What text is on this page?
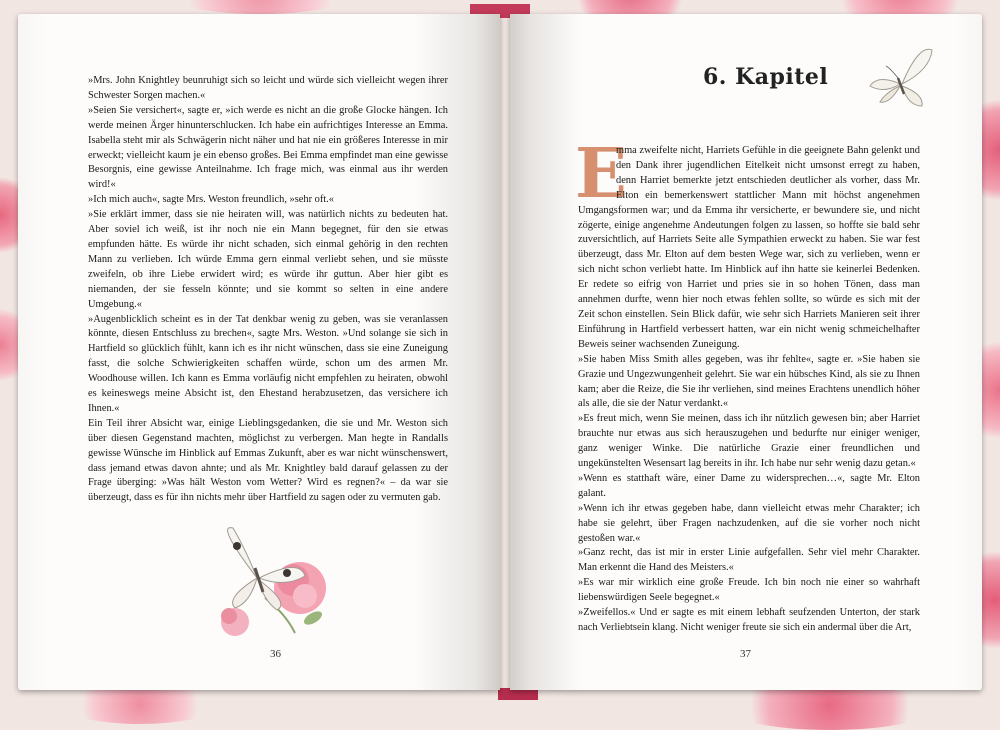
»Mrs. John Knightley beunruhigt sich so leicht und würde sich vielleicht wegen ihrer Schwester Sorgen machen.«

»Seien Sie versichert«, sagte er, »ich werde es nicht an die große Glocke hängen. Ich werde meinen Ärger hinunterschlucken. Ich habe ein aufrichtiges Interesse an Emma. Isabella steht mir als Schwägerin nicht näher und hat nie ein größeres Interesse in mir erweckt; vielleicht kaum je ein ebenso großes. Bei Emma empfindet man eine gewisse Besorgnis, eine gewisse Anteilnahme. Ich frage mich, was einmal aus ihr werden wird!«

»Ich mich auch«, sagte Mrs. Weston freundlich, »sehr oft.«

»Sie erklärt immer, dass sie nie heiraten will, was natürlich nichts zu bedeuten hat. Aber soviel ich weiß, ist ihr noch nie ein Mann begegnet, für den sie etwas empfunden hätte. Es würde ihr nicht schaden, sich einmal gehörig in den rechten Mann zu verlieben. Ich würde Emma gern einmal verliebt sehen, und sie müsste zweifeln, ob ihre Liebe erwidert wird; es würde ihr guttun. Aber hier gibt es niemanden, der sie fesseln könnte; und sie kommt so selten in eine andere Umgebung.«

»Augenblicklich scheint es in der Tat denkbar wenig zu geben, was sie veranlassen könnte, diesen Entschluss zu brechen«, sagte Mrs. Weston. »Und solange sie sich in Hartfield so glücklich fühlt, kann ich es ihr nicht wünschen, dass sie eine Zuneigung fasst, die solche Schwierigkeiten schaffen würde, schon um des armen Mr. Woodhouse willen. Ich kann es Emma vorläufig nicht empfehlen zu heiraten, obwohl es keineswegs meine Absicht ist, den Ehestand herabzusetzen, das versichere ich Ihnen.«

Ein Teil ihrer Absicht war, einige Lieblingsgedanken, die sie und Mr. Weston sich über diesen Gegenstand machten, möglichst zu verbergen. Man hegte in Randalls gewisse Wünsche im Hinblick auf Emmas Zukunft, aber es war nicht wünschenswert, dass jemand etwas davon ahnte; und als Mr. Knightley bald darauf gelassen zu der Frage überging: »Was hält Weston vom Wetter? Wird es regnen?« – da war sie überzeugt, dass es für ihn nichts mehr über Hartfield zu sagen oder zu vermuten gab.

36
6. Kapitel
E

mma zweifelte nicht, Harriets Gefühle in die geeignete Bahn gelenkt und den Dank ihrer jugendlichen Eitelkeit nicht umsonst erregt zu haben, denn Harriet bemerkte jetzt entschieden deutlicher als vorher, dass Mr. Elton ein bemerkenswert stattlicher Mann mit höchst angenehmen Umgangsformen war; und da Emma ihr versicherte, er bewundere sie, und nicht zögerte, einige angenehme Andeutungen folgen zu lassen, so hoffte sie bald sehr zuversichtlich, auf Harriets Seite alle Sympathien erweckt zu haben. Sie war fest überzeugt, dass Mr. Elton auf dem besten Wege war, sich zu verlieben, wenn er sich nicht schon verliebt hatte. Im Hinblick auf ihn hatte sie keinerlei Bedenken. Er redete so eifrig von Harriet und pries sie in so hohen Tönen, dass man annehmen durfte, wenn hier noch etwas fehlen sollte, so würde es sich mit der Zeit schon einstellen. Sein Blick dafür, wie sehr sich Harriets Manieren seit ihrer Einführung in Hartfield verbessert hatten, war ein nicht wenig schmeichelhafter Beweis seiner wachsenden Zuneigung.

»Sie haben Miss Smith alles gegeben, was ihr fehlte«, sagte er. »Sie haben sie Grazie und Ungezwungenheit gelehrt. Sie war ein hübsches Kind, als sie zu Ihnen kam; aber die Reize, die Sie ihr verliehen, sind meines Erachtens unendlich höher als alle, die sie der Natur verdankt.«

»Es freut mich, wenn Sie meinen, dass ich ihr nützlich gewesen bin; aber Harriet brauchte nur etwas aus sich herauszugehen und bedurfte nur einiger weniger, ganz weniger Winke. Die natürliche Grazie einer freundlichen und ungekünstelten Wesensart lag bereits in ihr. Ich habe nur sehr wenig dazu getan.«

»Wenn es statthaft wäre, einer Dame zu widersprechen…«, sagte Mr. Elton galant.

»Wenn ich ihr etwas gegeben habe, dann vielleicht etwas mehr Charakter; ich habe sie gelehrt, über Fragen nachzudenken, auf die sie vorher noch nicht gestoßen war.«

»Ganz recht, das ist mir in erster Linie aufgefallen. Sehr viel mehr Charakter. Man erkennt die Hand des Meisters.«

»Es war mir wirklich eine große Freude. Ich bin noch nie einer so wahrhaft liebenswürdigen Seele begegnet.«

»Zweifellos.« Und er sagte es mit einem lebhaft seufzenden Unterton, der stark nach Verliebtsein klang. Nicht weniger freute sie sich ein andermal über die Art,

37
